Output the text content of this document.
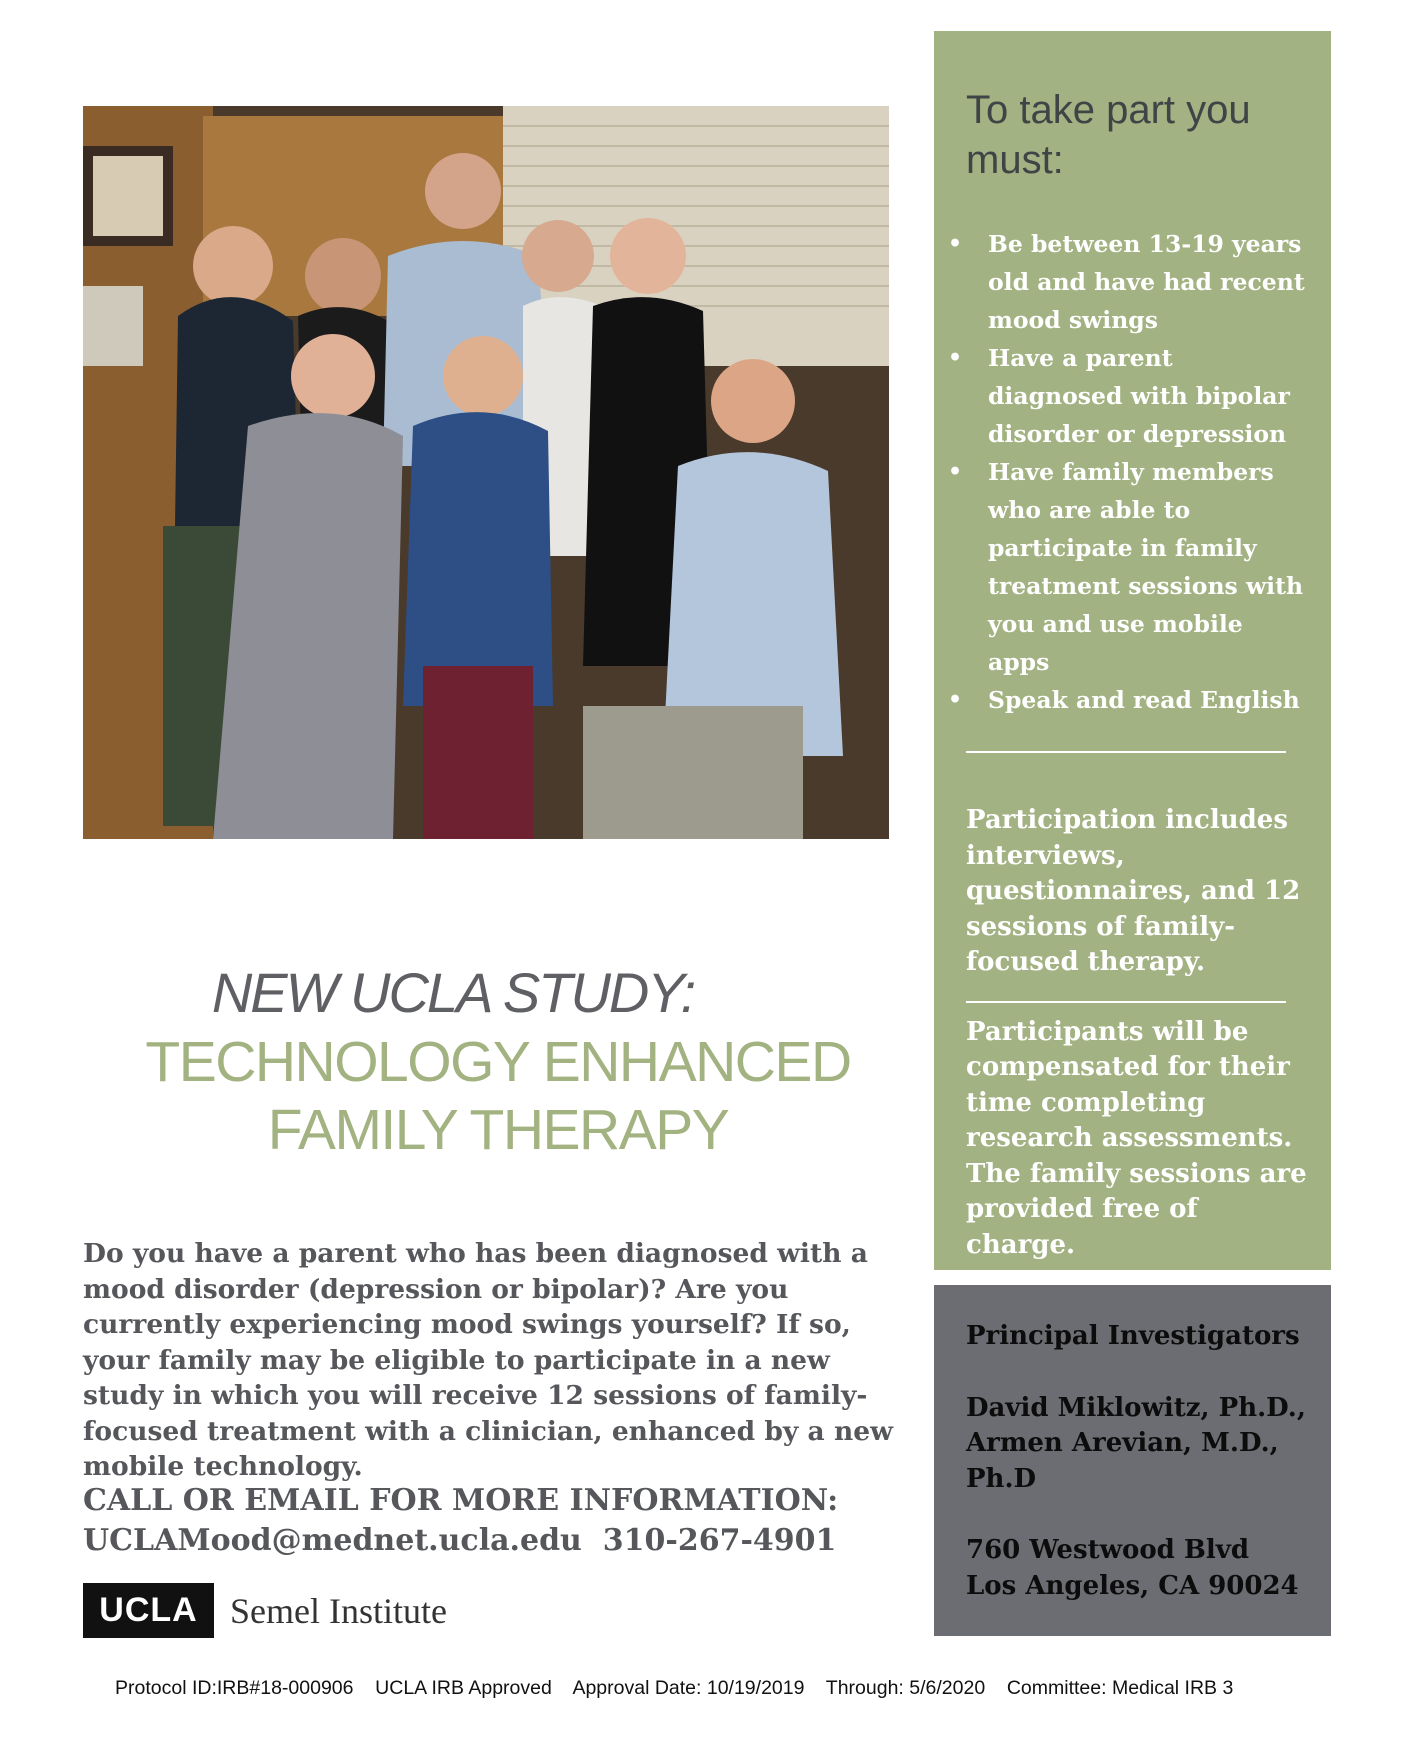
NEW UCLA STUDY:
TECHNOLOGY ENHANCED
FAMILY THERAPY
Do you have a parent who has been diagnosed with a mood disorder (depression or bipolar)? Are you currently experiencing mood swings yourself? If so, your family may be eligible to participate in a new study in which you will receive 12 sessions of family-focused treatment with a clinician, enhanced by a new mobile technology.
CALL OR EMAIL FOR MORE INFORMATION:
UCLAMood@mednet.ucla.edu 310-267-4901
UCLA Semel Institute
To take part you must:
• Be between 13-19 years old and have had recent mood swings
• Have a parent diagnosed with bipolar disorder or depression
• Have family members who are able to participate in family treatment sessions with you and use mobile apps
• Speak and read English

Participation includes interviews, questionnaires, and 12 sessions of family-focused therapy.

Participants will be compensated for their time completing research assessments. The family sessions are provided free of charge.

Principal Investigators
David Miklowitz, Ph.D., Armen Arevian, M.D., Ph.D
760 Westwood Blvd
Los Angeles, CA 90024
Protocol ID:IRB#18-000906 UCLA IRB Approved Approval Date: 10/19/2019 Through: 5/6/2020 Committee: Medical IRB 3
